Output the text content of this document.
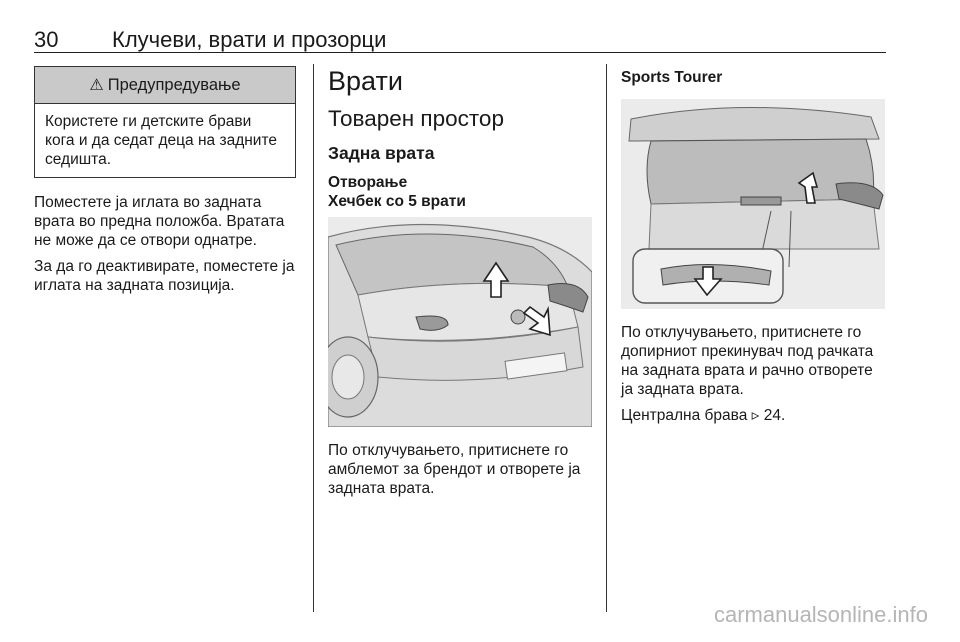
30 Клучеви, врати и прозорци
⚠ Предупредување
Користете ги детските брави кога и да седат деца на задните седишта.

Поместете ја иглата во задната врата во предна положба. Вратата не може да се отвори однатре.

За да го деактивирате, поместете ја иглата на задната позиција.

Врати
Товарен простор
Задна врата
Отворање
Хечбек со 5 врати

По отклучувањето, притиснете го амблемот за брендот и отворете ја задната врата.

Sports Tourer

По отклучувањето, притиснете го допирниот прекинувач под рачката на задната врата и рачно отворете ја задната врата.

Централна брава ▹ 24.

carmanualsonline.info
